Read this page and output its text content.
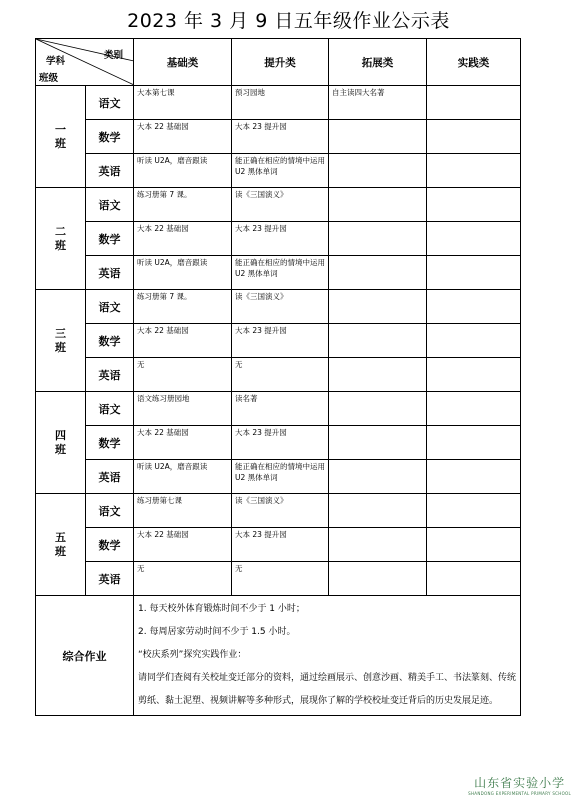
2023 年 3 月 9 日五年级作业公示表
类别
学科
班级		基础类	提升类	拓展类	实践类

一
班	语文	大本第七课	预习园地	自主读四大名著	
	数学	大本 22 基础园	大本 23 提升园		
	英语	听读 U2A，磨音跟读	能正确在相应的情境中运用 U2 黑体单词		

二
班	语文	练习册第 7 课。	读《三国演义》		
	数学	大本 22 基础园	大本 23 提升园		
	英语	听读 U2A，磨音跟读	能正确在相应的情境中运用 U2 黑体单词		

三
班	语文	练习册第 7 课。	读《三国演义》		
	数学	大本 22 基础园	大本 23 提升园		
	英语	无	无		

四
班	语文	语文练习册园地	读名著		
	数学	大本 22 基础园	大本 23 提升园		
	英语	听读 U2A，磨音跟读	能正确在相应的情境中运用 U2 黑体单词		

五
班	语文	练习册第七课	读《三国演义》		
	数学	大本 22 基础园	大本 23 提升园		
	英语	无	无		
综合作业		1. 每天校外体育锻炼时间不少于 1 小时；

2. 每周居家劳动时间不少于 1.5 小时。

“校庆系列”探究实践作业：

请同学们查阅有关校址变迁部分的资料，通过绘画展示、创意沙画、精美手工、书法篆刻、传统剪纸、黏土泥塑、视频讲解等多种形式，展现你了解的学校校址变迁背后的历史发展足迹。			

山东省实验小学
SHANDONG EXPERIMENTAL PRIMARY SCHOOL
